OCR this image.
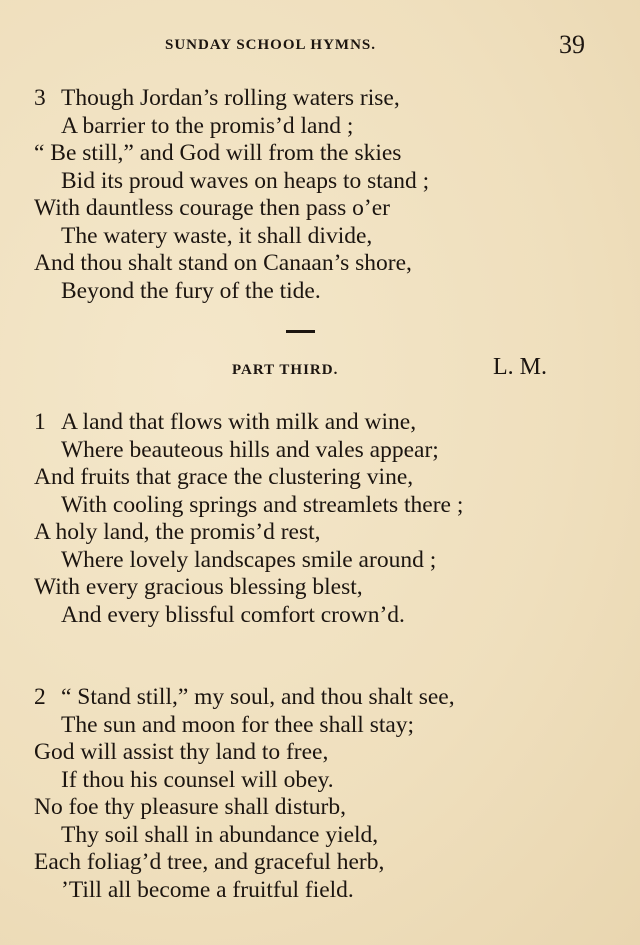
SUNDAY SCHOOL HYMNS.	39
3 Though Jordan’s rolling waters rise,
A barrier to the promis’d land ;
“ Be still,” and God will from the skies
Bid its proud waves on heaps to stand ;
With dauntless courage then pass o’er
The watery waste, it shall divide,
And thou shalt stand on Canaan’s shore,
Beyond the fury of the tide.
PART THIRD.	L. M.
1 A land that flows with milk and wine,
Where beauteous hills and vales appear;
And fruits that grace the clustering vine,
With cooling springs and streamlets there ;
A holy land, the promis’d rest,
Where lovely landscapes smile around ;
With every gracious blessing blest,
And every blissful comfort crown’d.
2 “ Stand still,” my soul, and thou shalt see,
The sun and moon for thee shall stay;
God will assist thy land to free,
If thou his counsel will obey.
No foe thy pleasure shall disturb,
Thy soil shall in abundance yield,
Each foliag’d tree, and graceful herb,
’Till all become a fruitful field.
